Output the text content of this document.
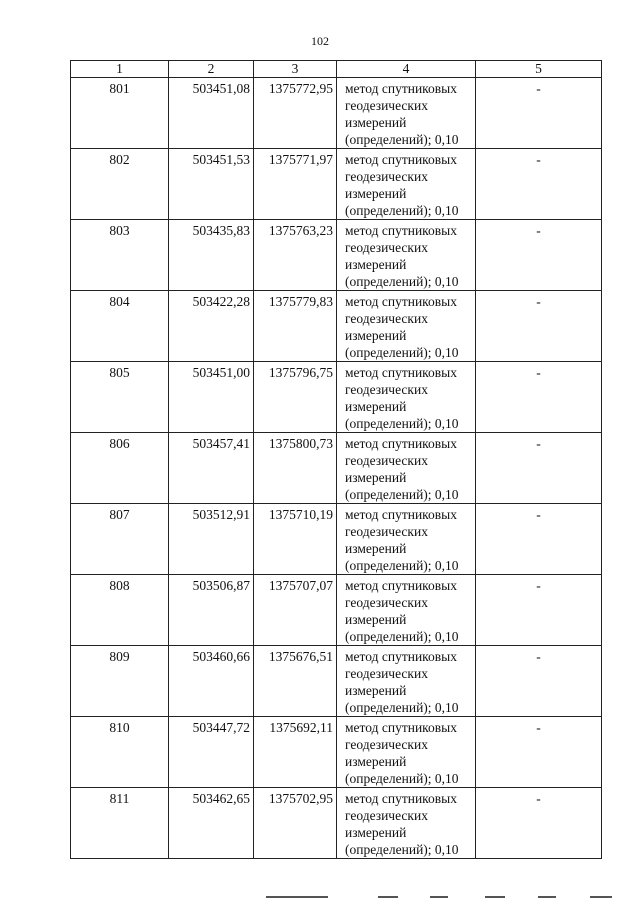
102
1	2	3	4	5
801	503451,08	1375772,95	метод спутниковых
геодезических
измерений
(определений); 0,10	-
802	503451,53	1375771,97	метод спутниковых
геодезических
измерений
(определений); 0,10	-
803	503435,83	1375763,23	метод спутниковых
геодезических
измерений
(определений); 0,10	-
804	503422,28	1375779,83	метод спутниковых
геодезических
измерений
(определений); 0,10	-
805	503451,00	1375796,75	метод спутниковых
геодезических
измерений
(определений); 0,10	-
806	503457,41	1375800,73	метод спутниковых
геодезических
измерений
(определений); 0,10	-
807	503512,91	1375710,19	метод спутниковых
геодезических
измерений
(определений); 0,10	-
808	503506,87	1375707,07	метод спутниковых
геодезических
измерений
(определений); 0,10	-
809	503460,66	1375676,51	метод спутниковых
геодезических
измерений
(определений); 0,10	-
810	503447,72	1375692,11	метод спутниковых
геодезических
измерений
(определений); 0,10	-
811	503462,65	1375702,95	метод спутниковых
геодезических
измерений
(определений); 0,10	-
